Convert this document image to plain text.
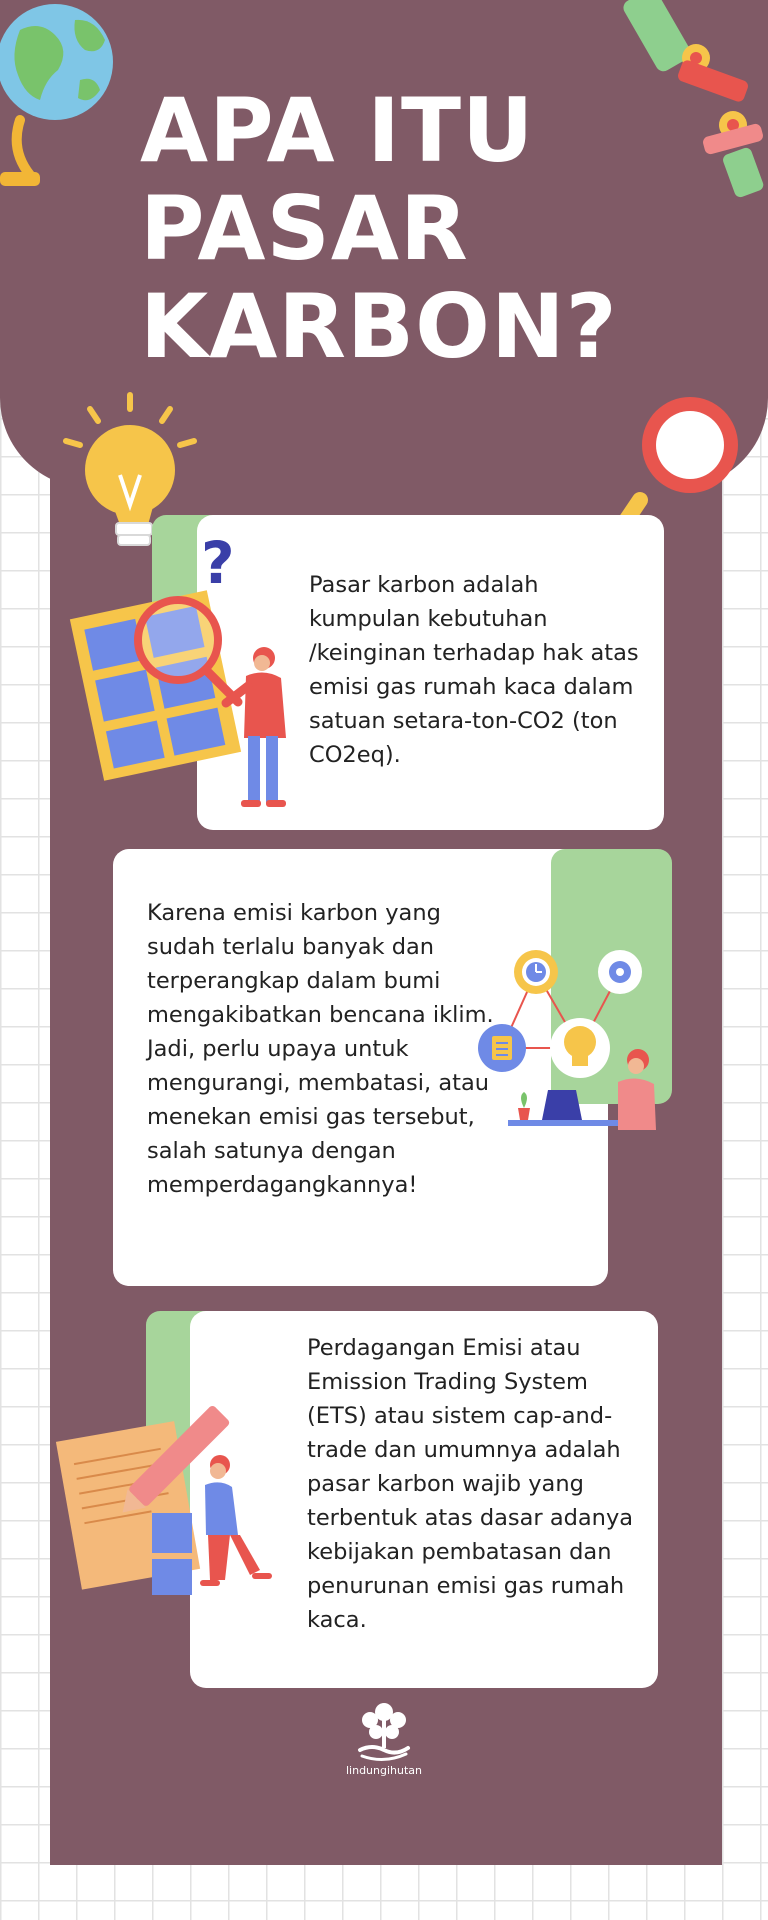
APA ITU PASAR KARBON?

Pasar karbon adalah kumpulan kebutuhan /keinginan terhadap hak atas emisi gas rumah kaca dalam satuan setara-ton-CO2 (ton CO2eq).

?

Karena emisi karbon yang sudah terlalu banyak dan terperangkap dalam bumi mengakibatkan bencana iklim. Jadi, perlu upaya untuk mengurangi, membatasi, atau menekan emisi gas tersebut, salah satunya dengan memperdagangkannya!

Perdagangan Emisi atau Emission Trading System (ETS) atau sistem cap-and-trade dan umumnya adalah pasar karbon wajib yang terbentuk atas dasar adanya kebijakan pembatasan dan penurunan emisi gas rumah kaca.

lindungihutan
